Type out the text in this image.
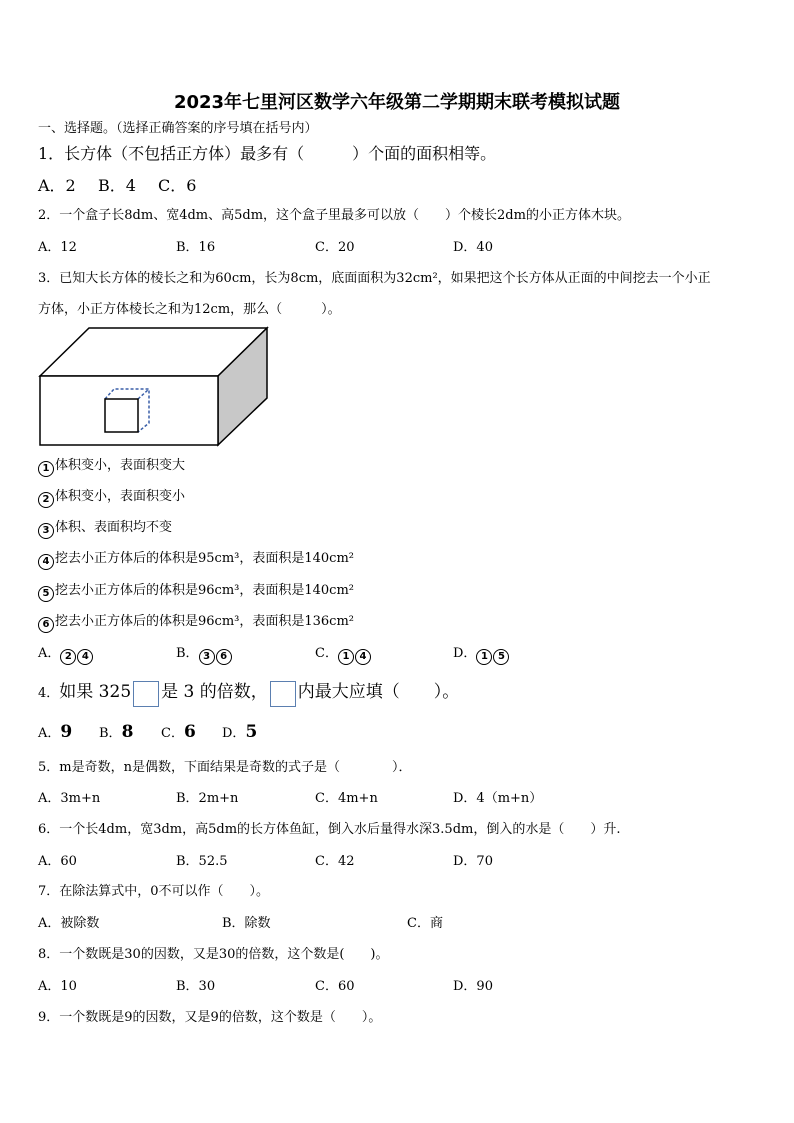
2023年七里河区数学六年级第二学期期末联考模拟试题
一、选择题。（选择正确答案的序号填在括号内）
1．长方体（不包括正方体）最多有（　　　）个面的面积相等。
A．2 B．4 C．6
2．一个盒子长8dm、宽4dm、高5dm，这个盒子里最多可以放（　　）个棱长2dm的小正方体木块。
A．12	B．16	C．20	D．40
3．已知大长方体的棱长之和为60cm，长为8cm，底面面积为32cm²，如果把这个长方体从正面的中间挖去一个小正
方体，小正方体棱长之和为12cm，那么（　　　）。
1 体积变小，表面积变大
2 体积变小，表面积变小
3 体积、表面积均不变
4 挖去小正方体后的体积是95cm³，表面积是140cm²
5 挖去小正方体后的体积是96cm³，表面积是140cm²
6 挖去小正方体后的体积是96cm³，表面积是136cm²
A． 2 4	B． 3 6	C． 1 4	D． 1 5
4．如果 325 是 3 的倍数， 内最大应填（　　）。
A．9 B．8 C．6 D．5
5．m是奇数，n是偶数，下面结果是奇数的式子是（　　　　）．
A．3m+n	B．2m+n	C．4m+n	D．4（m+n）
6．一个长4dm，宽3dm，高5dm的长方体鱼缸，倒入水后量得水深3.5dm，倒入的水是（　　）升.
A．60	B．52.5	C．42	D．70
7．在除法算式中，0不可以作（　　）。
A．被除数	B．除数	C．商
8．一个数既是30的因数，又是30的倍数，这个数是(　　)。
A．10	B．30	C．60	D．90
9．一个数既是9的因数，又是9的倍数，这个数是（　　）。
